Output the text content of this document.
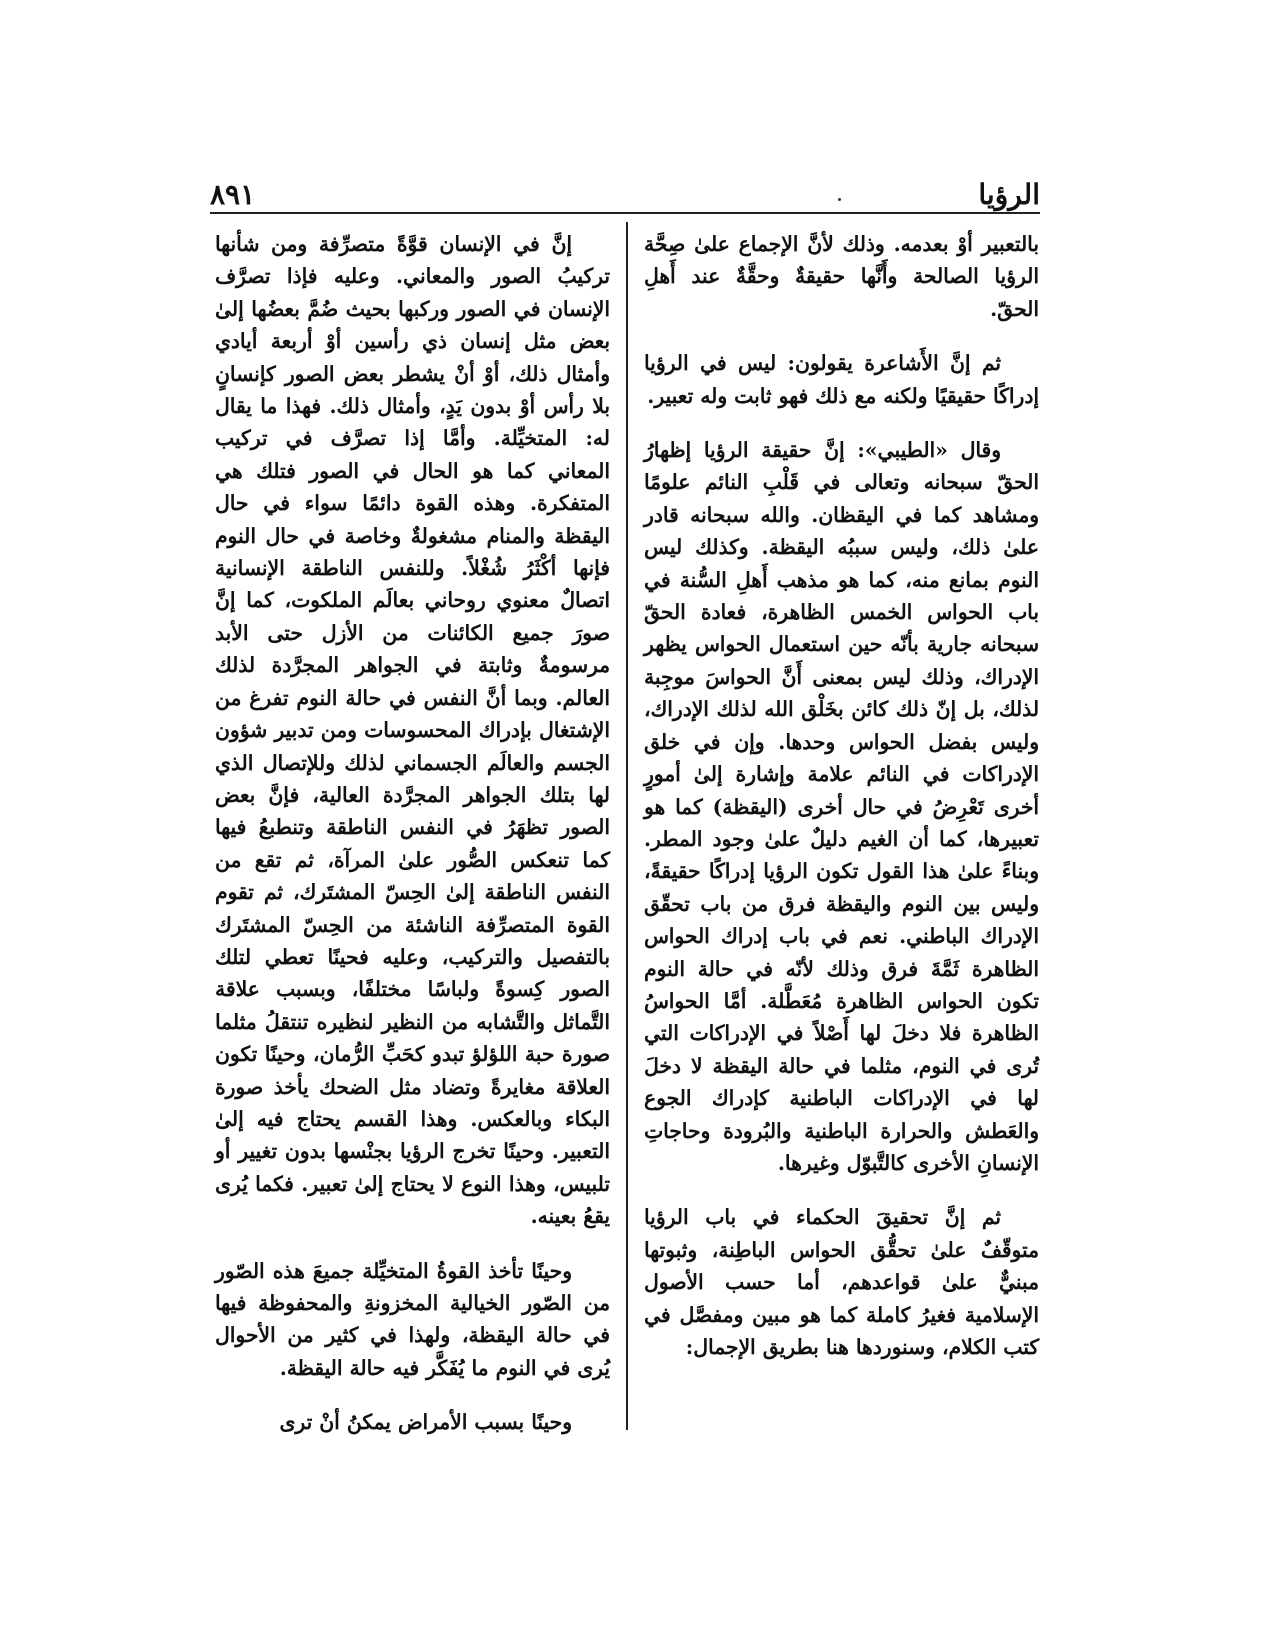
٨٩١	الرؤيا

بالتعبير أوْ بعدمه. وذلك لأنَّ الإجماع علىٰ صِحَّة الرؤيا الصالحة وأَنَّها حقيقةٌ وحقَّةٌ عند أَهلِ الحقّ.

ثم إنَّ الأَشاعرة يقولون: ليس في الرؤيا إدراكًا حقيقيًا ولكنه مع ذلك فهو ثابت وله تعبير.

وقال «الطيبي»: إنَّ حقيقة الرؤيا إظهارُ الحقّ سبحانه وتعالى في قَلْبِ النائم علومًا ومشاهد كما في اليقظان. والله سبحانه قادر علىٰ ذلك، وليس سببُه اليقظة. وكذلك ليس النوم بمانع منه، كما هو مذهب أَهلِ السُّنة في باب الحواس الخمس الظاهرة، فعادة الحقّ سبحانه جارية بأنّه حين استعمال الحواس يظهر الإدراك، وذلك ليس بمعنى أَنَّ الحواسَ موجِبة لذلك، بل إنّ ذلك كائن بخَلْق الله لذلك الإدراك، وليس بفضل الحواس وحدها. وإن في خلق الإدراكات في النائم علامة وإشارة إلىٰ أمورٍ أخرى تَعْرِضُ في حال أخرى (اليقظة) كما هو تعبيرها، كما أن الغيم دليلٌ علىٰ وجود المطر. وبناءً علىٰ هذا القول تكون الرؤيا إدراكًا حقيقةً، وليس بين النوم واليقظة فرق من باب تحقّق الإدراك الباطني. نعم في باب إدراك الحواس الظاهرة ثَمَّةَ فرق وذلك لأنّه في حالة النوم تكون الحواس الظاهرة مُعَطَّلة. أمَّا الحواسُ الظاهرة فلا دخلَ لها أَصْلاً في الإدراكات التي تُرى في النوم، مثلما في حالة اليقظة لا دخلَ لها في الإدراكات الباطنية كإدراك الجوع والعَطش والحرارة الباطنية والبُرودة وحاجاتِ الإنسانِ الأخرى كالتَّبوّل وغيرها.

ثم إنَّ تحقيقَ الحكماء في باب الرؤيا متوقّفٌ علىٰ تحقُّق الحواس الباطِنة، وثبوتها مبنيٌّ علىٰ قواعدهم، أما حسب الأصول الإسلامية فغيرُ كاملة كما هو مبين ومفصَّل في كتب الكلام، وسنوردها هنا بطريق الإجمال:

إنَّ في الإنسان قوَّةً متصرِّفة ومن شأنها تركيبُ الصور والمعاني. وعليه فإذا تصرَّف الإنسان في الصور وركبها بحيث ضُمَّ بعضُها إلىٰ بعض مثل إنسان ذي رأسين أوْ أربعة أيادي وأمثال ذلك، أوْ أنْ يشطر بعض الصور كإنسانٍ بلا رأس أوْ بدون يَدٍ، وأمثال ذلك. فهذا ما يقال له: المتخيِّلة. وأمَّا إذا تصرَّف في تركيب المعاني كما هو الحال في الصور فتلك هي المتفكرة. وهذه القوة دائمًا سواء في حال اليقظة والمنام مشغولةٌ وخاصة في حال النوم فإنها أكْثَرُ شُغْلاً. وللنفس الناطقة الإنسانية اتصالٌ معنوي روحاني بعالَم الملكوت، كما إنَّ صورَ جميع الكائنات من الأزل حتى الأبد مرسومةٌ وثابتة في الجواهر المجرَّدة لذلك العالم. وبما أنَّ النفس في حالة النوم تفرغ من الإشتغال بإدراك المحسوسات ومن تدبير شؤون الجسم والعالَم الجسماني لذلك وللإتصال الذي لها بتلك الجواهر المجرَّدة العالية، فإنَّ بعض الصور تظهَرُ في النفس الناطقة وتنطبعُ فيها كما تنعكس الصُّور علىٰ المرآة، ثم تقع من النفس الناطقة إلىٰ الحِسّ المشتَرك، ثم تقوم القوة المتصرِّفة الناشئة من الحِسّ المشتَرك بالتفصيل والتركيب، وعليه فحينًا تعطي لتلك الصور كِسوةً ولباسًا مختلفًا، وبسبب علاقة التَّماثل والتَّشابه من النظير لنظيره تنتقلُ مثلما صورة حبة اللؤلؤ تبدو كحَبِّ الرُّمان، وحينًا تكون العلاقة مغايرةً وتضاد مثل الضحك يأخذ صورة البكاء وبالعكس. وهذا القسم يحتاج فيه إلىٰ التعبير. وحينًا تخرج الرؤيا بجنْسها بدون تغيير أو تلبيس، وهذا النوع لا يحتاج إلىٰ تعبير. فكما يُرى يقعُ بعينه.

وحينًا تأخذ القوةُ المتخيِّلة جميعَ هذه الصّور من الصّور الخيالية المخزونةِ والمحفوظة فيها في حالة اليقظة، ولهذا في كثير من الأحوال يُرى في النوم ما يُفَكَّر فيه حالة اليقظة.

وحينًا بسبب الأمراض يمكنُ أنْ ترى
